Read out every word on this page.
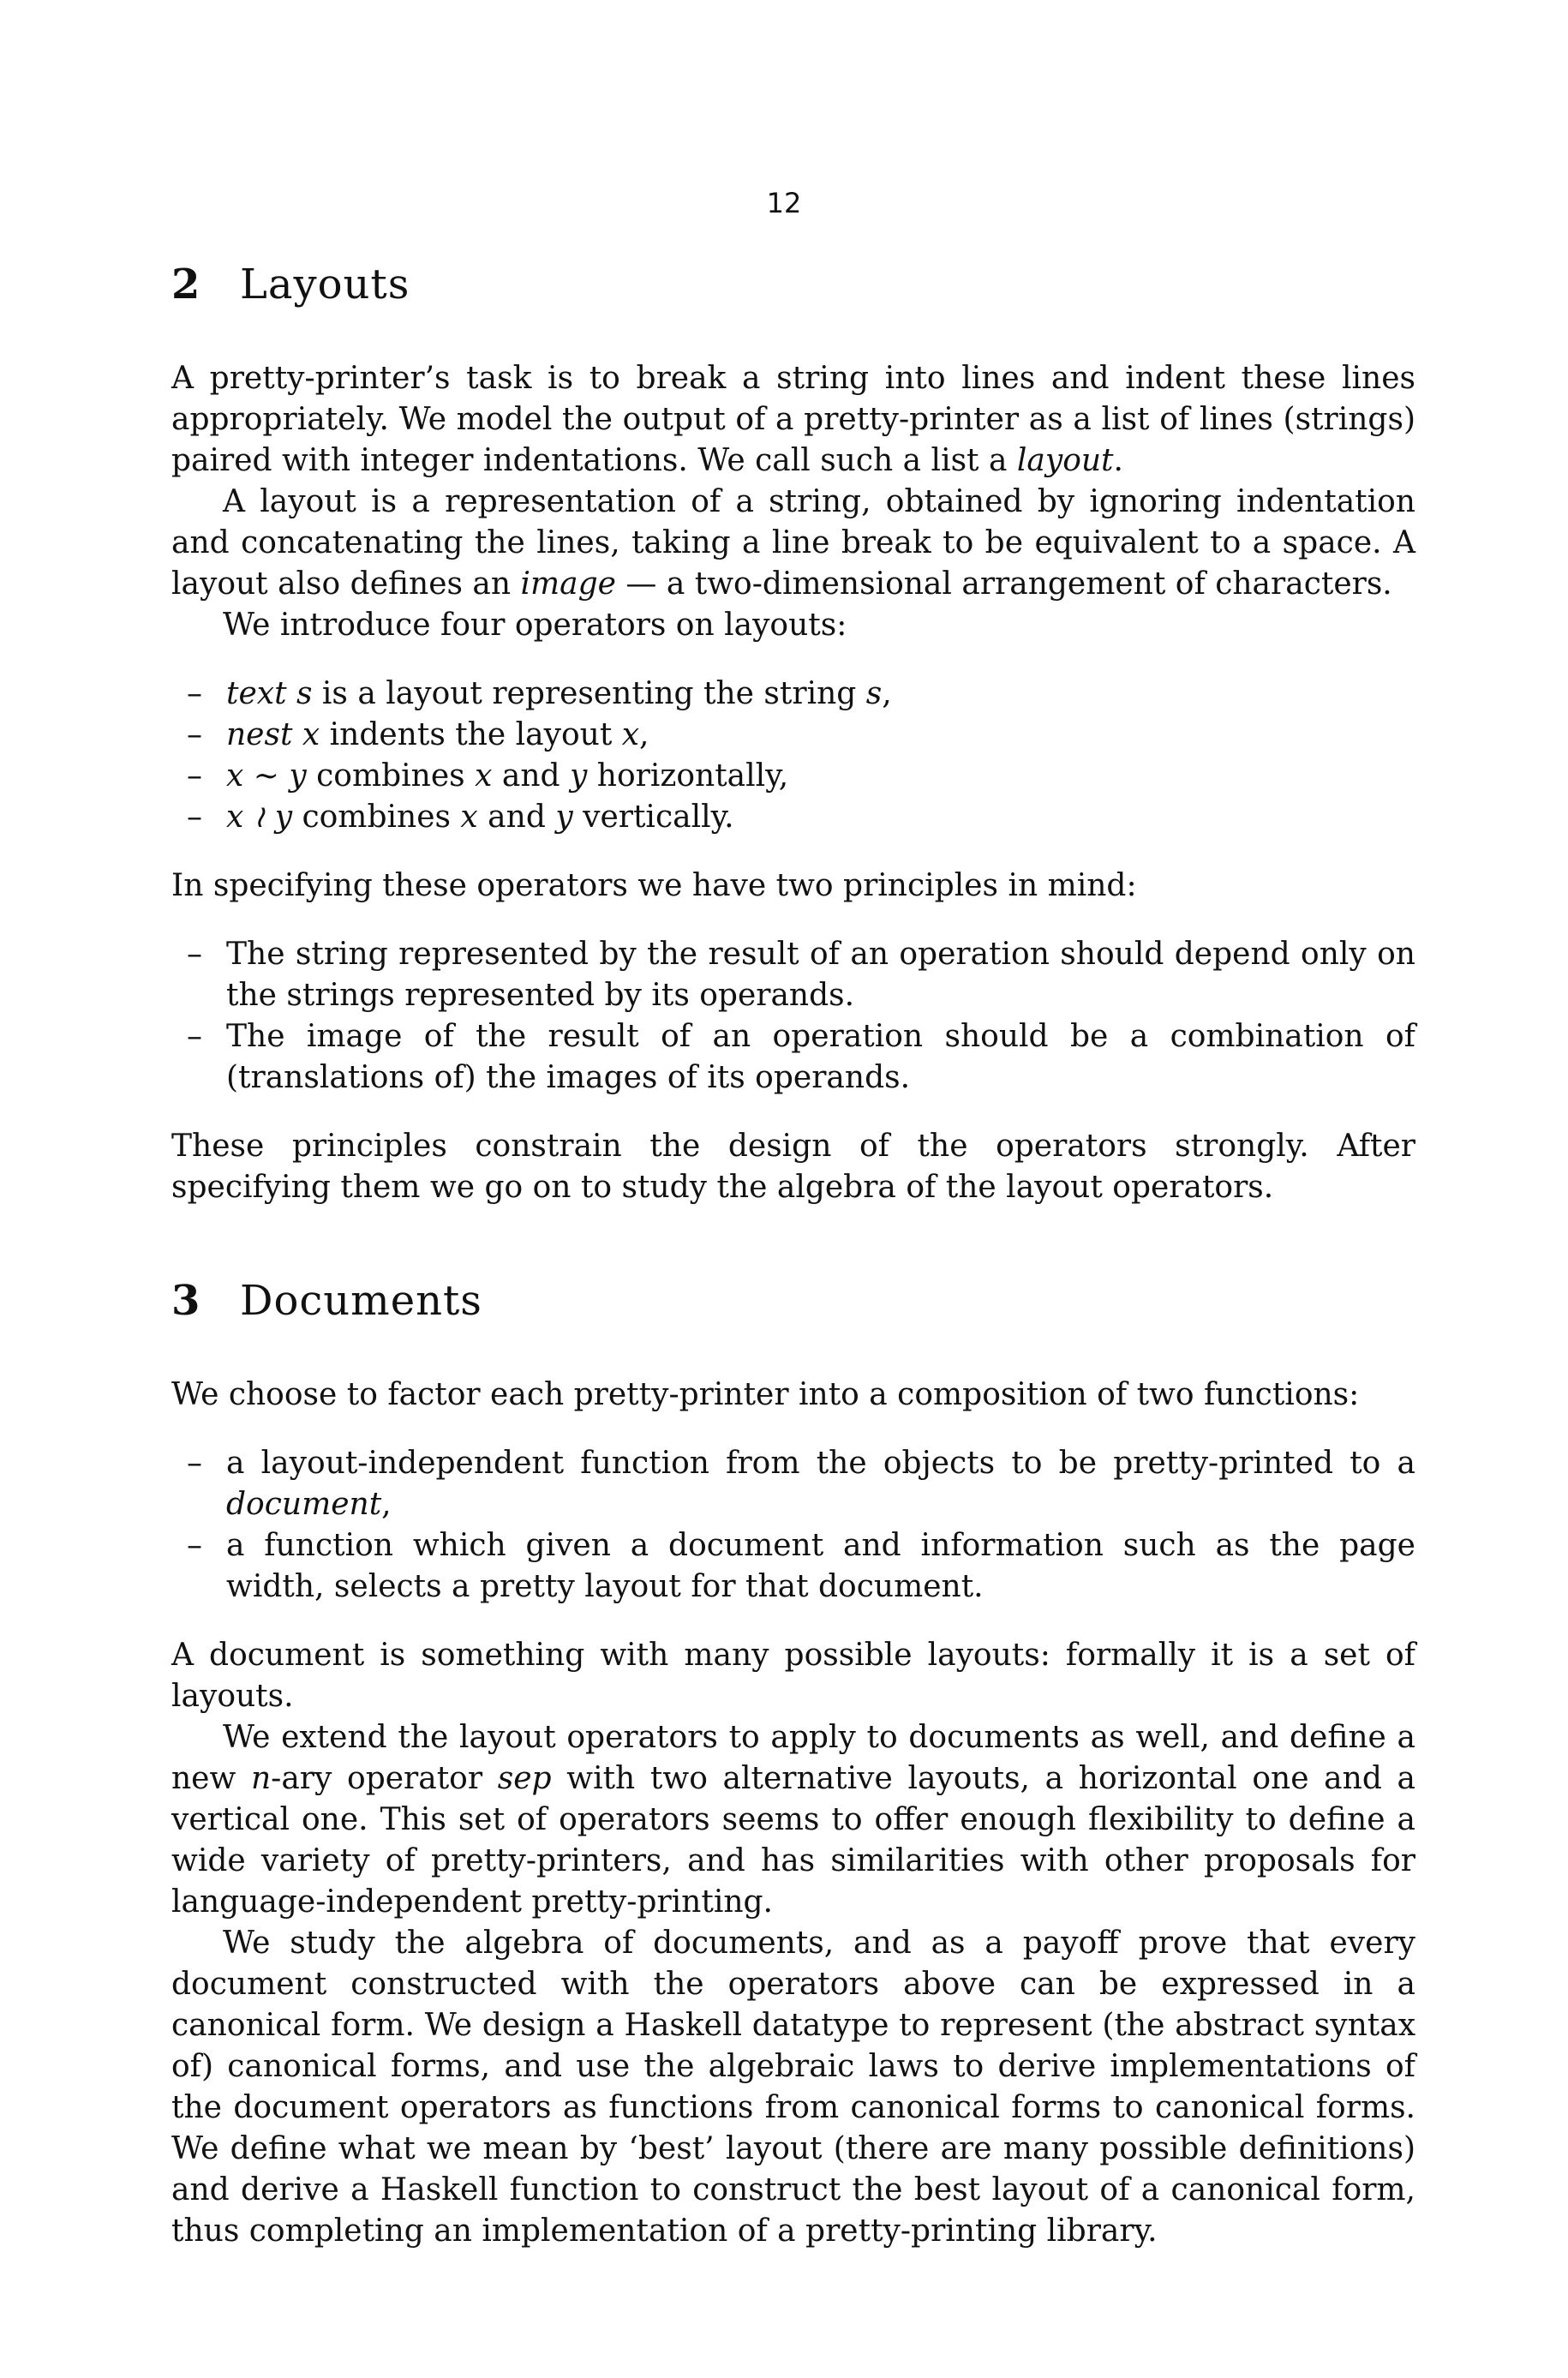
12
2 Layouts

A pretty-printer’s task is to break a string into lines and indent these lines appropriately. We model the output of a pretty-printer as a list of lines (strings) paired with integer indentations. We call such a list a layout.

A layout is a representation of a string, obtained by ignoring indentation and concatenating the lines, taking a line break to be equivalent to a space. A layout also defines an image — a two-dimensional arrangement of characters.

We introduce four operators on layouts:

– text s is a layout representing the string s,
– nest x indents the layout x,
– x ∼ y combines x and y horizontally,
– x ≀ y combines x and y vertically.

In specifying these operators we have two principles in mind:

– The string represented by the result of an operation should depend only on the strings represented by its operands.
– The image of the result of an operation should be a combination of (translations of) the images of its operands.

These principles constrain the design of the operators strongly. After specifying them we go on to study the algebra of the layout operators.

3 Documents

We choose to factor each pretty-printer into a composition of two functions:

– a layout-independent function from the objects to be pretty-printed to a document,
– a function which given a document and information such as the page width, selects a pretty layout for that document.

A document is something with many possible layouts: formally it is a set of layouts.

We extend the layout operators to apply to documents as well, and define a new n-ary operator sep with two alternative layouts, a horizontal one and a vertical one. This set of operators seems to offer enough flexibility to define a wide variety of pretty-printers, and has similarities with other proposals for language-independent pretty-printing.

We study the algebra of documents, and as a payoff prove that every document constructed with the operators above can be expressed in a canonical form. We design a Haskell datatype to represent (the abstract syntax of) canonical forms, and use the algebraic laws to derive implementations of the document operators as functions from canonical forms to canonical forms. We define what we mean by ‘best’ layout (there are many possible definitions) and derive a Haskell function to construct the best layout of a canonical form, thus completing an implementation of a pretty-printing library.
